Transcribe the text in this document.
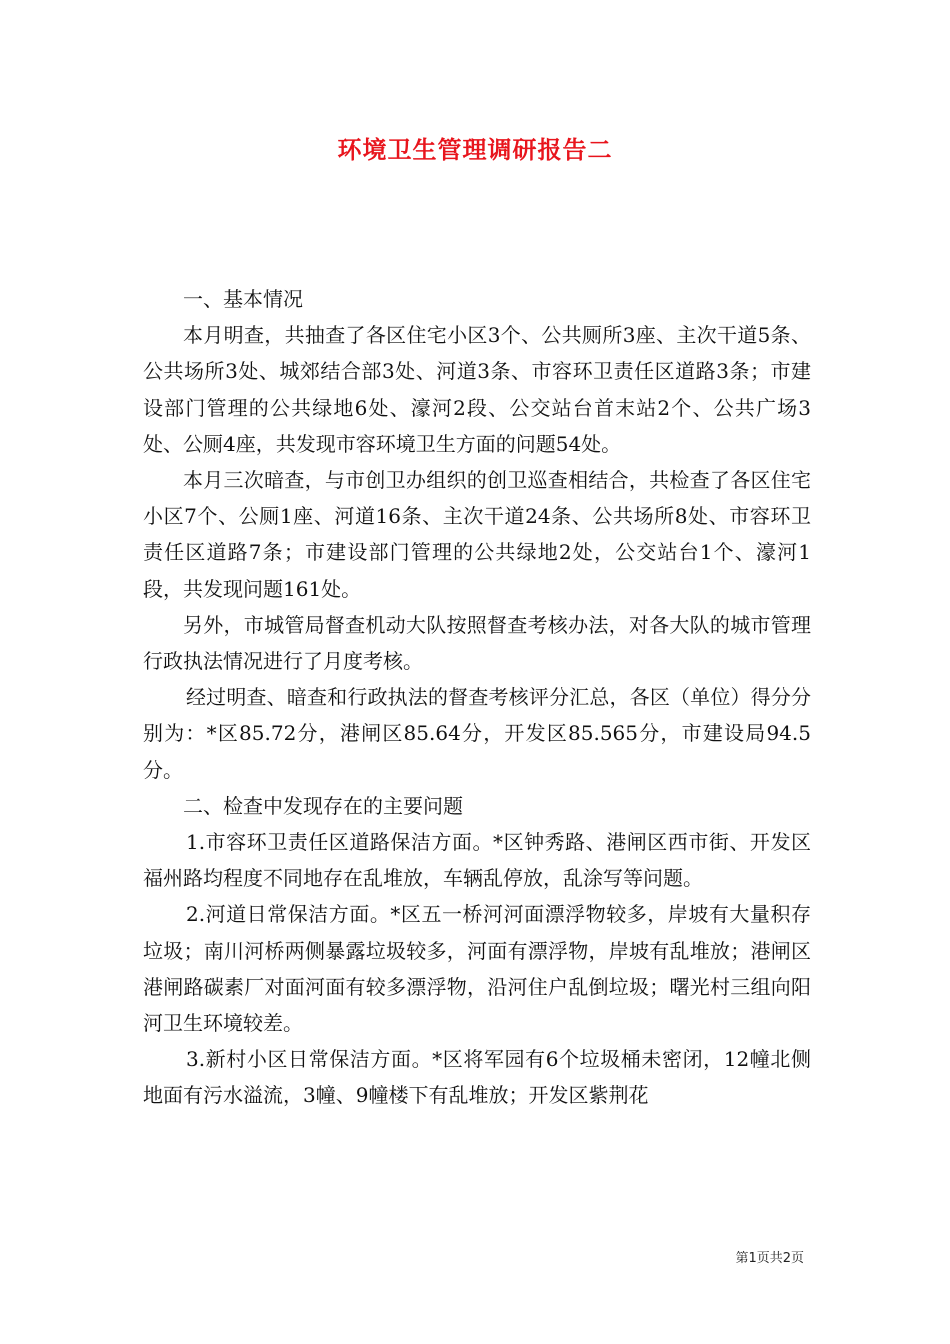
环境卫生管理调研报告二

一、基本情况

本月明查，共抽查了各区住宅小区3个、公共厕所3座、主次干道5条、公共场所3处、城郊结合部3处、河道3条、市容环卫责任区道路3条；市建设部门管理的公共绿地6处、濠河2段、公交站台首末站2个、公共广场3处、公厕4座，共发现市容环境卫生方面的问题54处。

本月三次暗查，与市创卫办组织的创卫巡查相结合，共检查了各区住宅小区7个、公厕1座、河道16条、主次干道24条、公共场所8处、市容环卫责任区道路7条；市建设部门管理的公共绿地2处，公交站台1个、濠河1段，共发现问题161处。

另外，市城管局督查机动大队按照督查考核办法，对各大队的城市管理行政执法情况进行了月度考核。

经过明查、暗查和行政执法的督查考核评分汇总，各区（单位）得分分别为：*区85.72分，港闸区85.64分，开发区85.565分，市建设局94.5分。

二、检查中发现存在的主要问题

1.市容环卫责任区道路保洁方面。*区钟秀路、港闸区西市街、开发区福州路均程度不同地存在乱堆放，车辆乱停放，乱涂写等问题。

2.河道日常保洁方面。*区五一桥河河面漂浮物较多，岸坡有大量积存垃圾；南川河桥两侧暴露垃圾较多，河面有漂浮物，岸坡有乱堆放；港闸区港闸路碳素厂对面河面有较多漂浮物，沿河住户乱倒垃圾；曙光村三组向阳河卫生环境较差。

3.新村小区日常保洁方面。*区将军园有6个垃圾桶未密闭，12幢北侧地面有污水溢流，3幢、9幢楼下有乱堆放；开发区紫荆花

第1页共2页
